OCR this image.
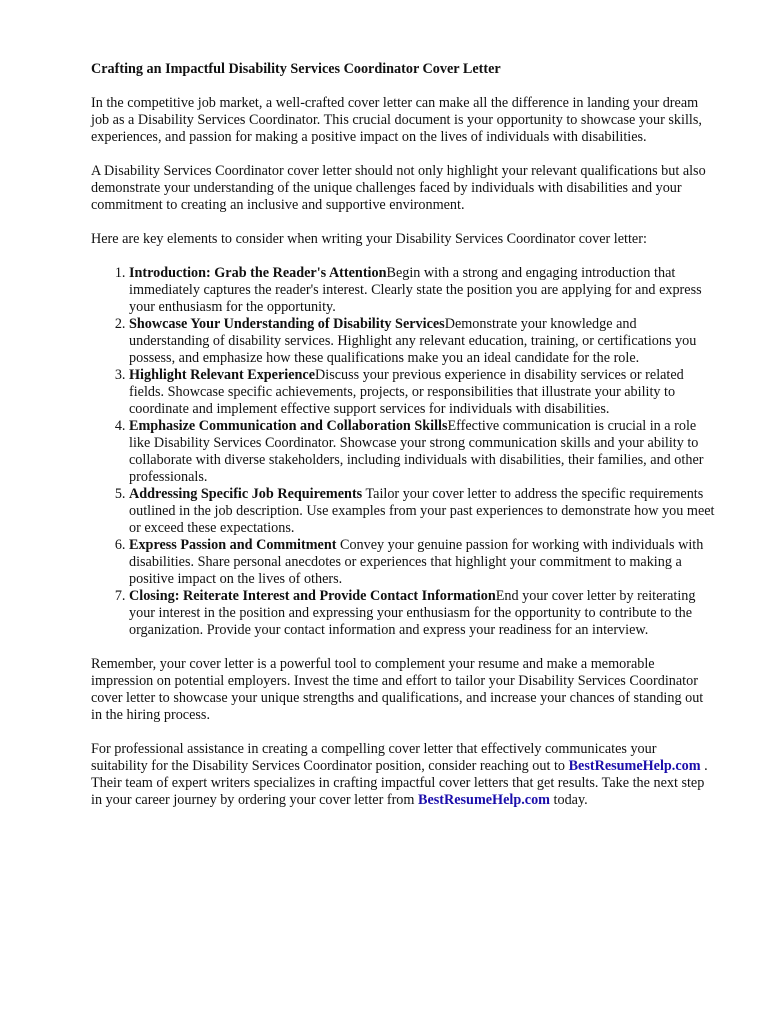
Crafting an Impactful Disability Services Coordinator Cover Letter

In the competitive job market, a well-crafted cover letter can make all the difference in landing your dream job as a Disability Services Coordinator. This crucial document is your opportunity to showcase your skills, experiences, and passion for making a positive impact on the lives of individuals with disabilities.

A Disability Services Coordinator cover letter should not only highlight your relevant qualifications but also demonstrate your understanding of the unique challenges faced by individuals with disabilities and your commitment to creating an inclusive and supportive environment.

Here are key elements to consider when writing your Disability Services Coordinator cover letter:

1. Introduction: Grab the Reader's AttentionBegin with a strong and engaging introduction that immediately captures the reader's interest. Clearly state the position you are applying for and express your enthusiasm for the opportunity.
2. Showcase Your Understanding of Disability ServicesDemonstrate your knowledge and understanding of disability services. Highlight any relevant education, training, or certifications you possess, and emphasize how these qualifications make you an ideal candidate for the role.
3. Highlight Relevant ExperienceDiscuss your previous experience in disability services or related fields. Showcase specific achievements, projects, or responsibilities that illustrate your ability to coordinate and implement effective support services for individuals with disabilities.
4. Emphasize Communication and Collaboration SkillsEffective communication is crucial in a role like Disability Services Coordinator. Showcase your strong communication skills and your ability to collaborate with diverse stakeholders, including individuals with disabilities, their families, and other professionals.
5. Addressing Specific Job Requirements Tailor your cover letter to address the specific requirements outlined in the job description. Use examples from your past experiences to demonstrate how you meet or exceed these expectations.
6. Express Passion and Commitment Convey your genuine passion for working with individuals with disabilities. Share personal anecdotes or experiences that highlight your commitment to making a positive impact on the lives of others.
7. Closing: Reiterate Interest and Provide Contact InformationEnd your cover letter by reiterating your interest in the position and expressing your enthusiasm for the opportunity to contribute to the organization. Provide your contact information and express your readiness for an interview.

Remember, your cover letter is a powerful tool to complement your resume and make a memorable impression on potential employers. Invest the time and effort to tailor your Disability Services Coordinator cover letter to showcase your unique strengths and qualifications, and increase your chances of standing out in the hiring process.

For professional assistance in creating a compelling cover letter that effectively communicates your suitability for the Disability Services Coordinator position, consider reaching out to BestResumeHelp.com . Their team of expert writers specializes in crafting impactful cover letters that get results. Take the next step in your career journey by ordering your cover letter from BestResumeHelp.com today.
